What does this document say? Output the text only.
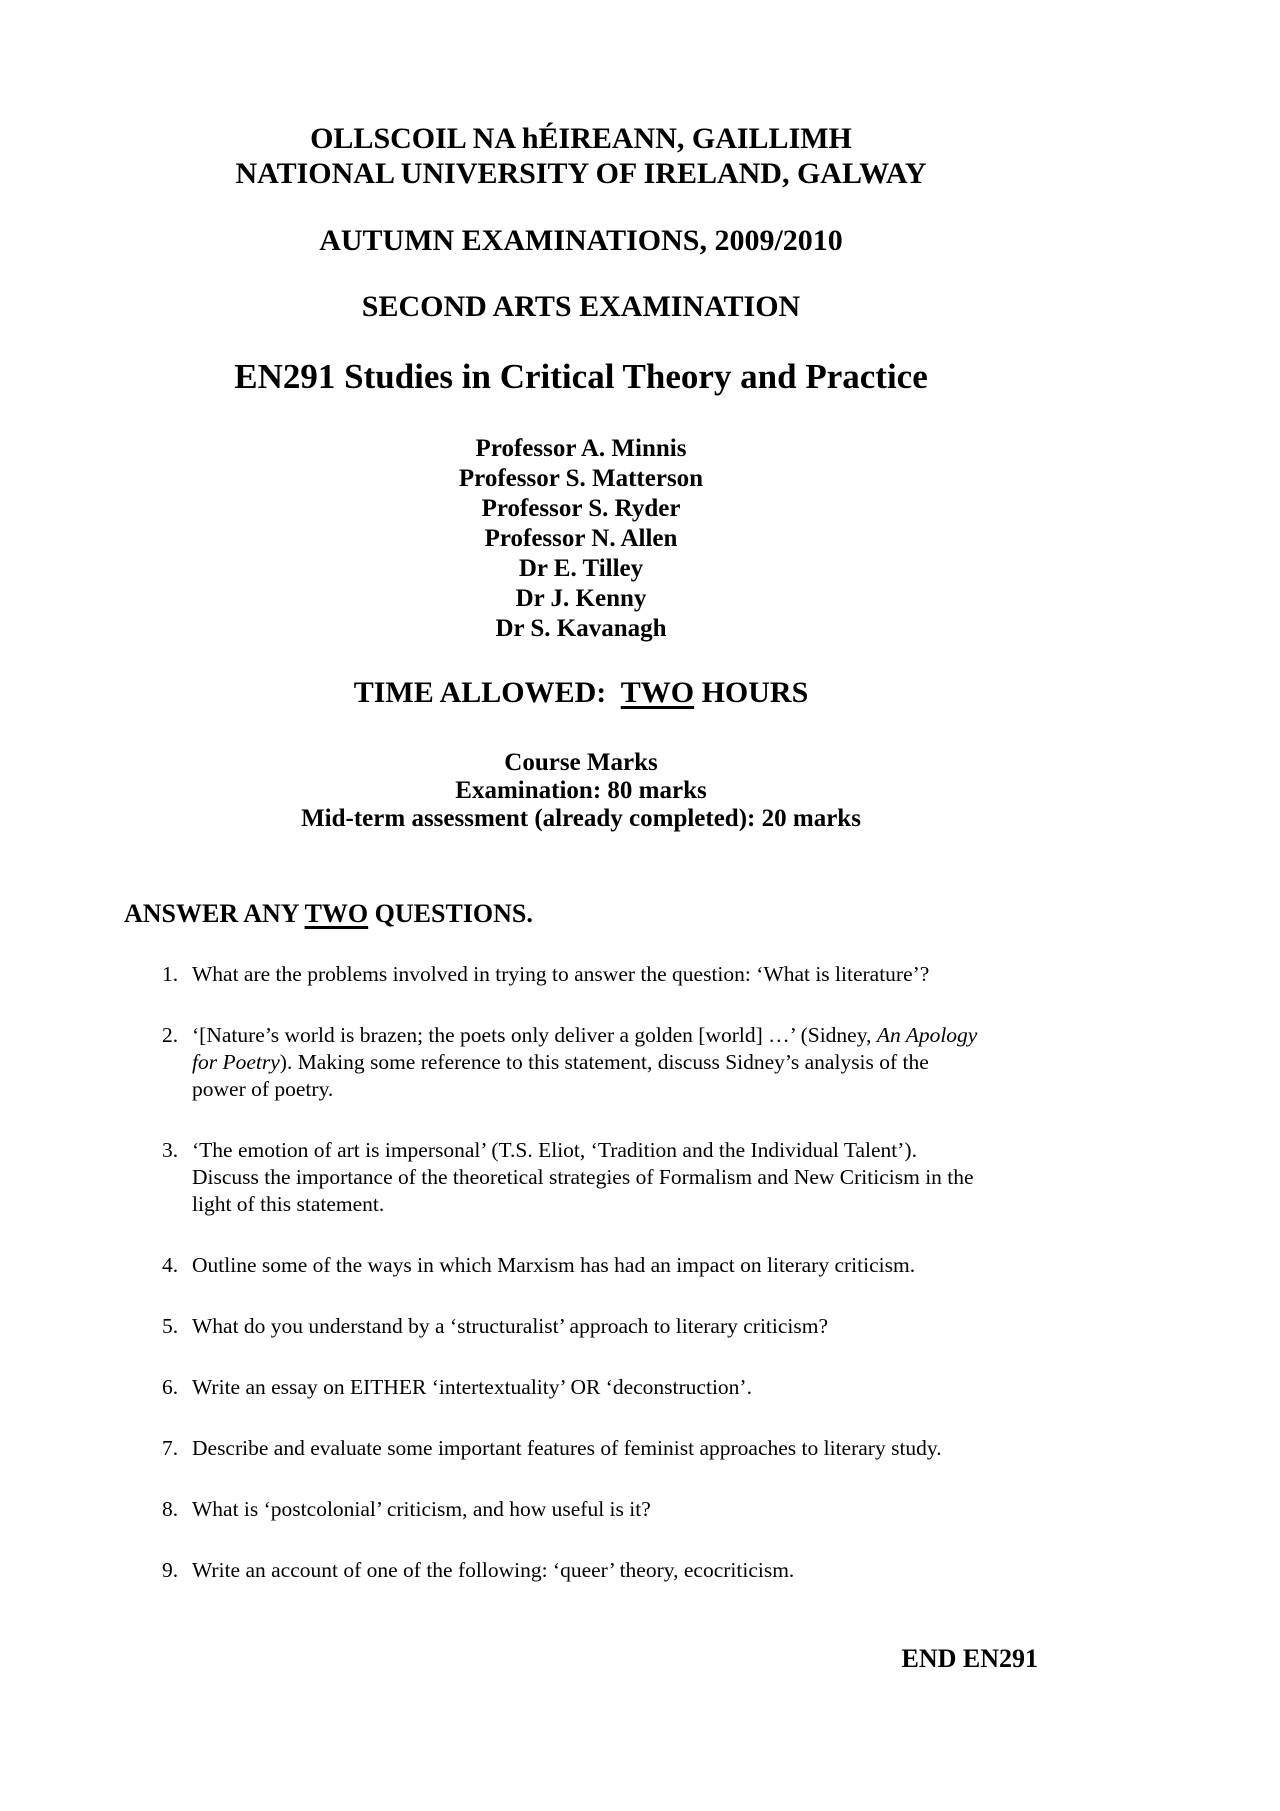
OLLSCOIL NA hÉIREANN, GAILLIMH
NATIONAL UNIVERSITY OF IRELAND, GALWAY
AUTUMN EXAMINATIONS, 2009/2010
SECOND ARTS EXAMINATION
EN291 Studies in Critical Theory and Practice
Professor A. Minnis
Professor S. Matterson
Professor S. Ryder
Professor N. Allen
Dr E. Tilley
Dr J. Kenny
Dr S. Kavanagh
TIME ALLOWED:  TWO HOURS
Course Marks
Examination: 80 marks
Mid-term assessment (already completed): 20 marks
ANSWER ANY TWO QUESTIONS.
1. What are the problems involved in trying to answer the question: ‘What is literature’?
2. ‘[Nature’s world is brazen; the poets only deliver a golden [world] …’ (Sidney, An Apology for Poetry). Making some reference to this statement, discuss Sidney’s analysis of the power of poetry.
3. ‘The emotion of art is impersonal’ (T.S. Eliot, ‘Tradition and the Individual Talent’). Discuss the importance of the theoretical strategies of Formalism and New Criticism in the light of this statement.
4. Outline some of the ways in which Marxism has had an impact on literary criticism.
5. What do you understand by a ‘structuralist’ approach to literary criticism?
6. Write an essay on EITHER ‘intertextuality’ OR ‘deconstruction’.
7. Describe and evaluate some important features of feminist approaches to literary study.
8. What is ‘postcolonial’ criticism, and how useful is it?
9. Write an account of one of the following: ‘queer’ theory, ecocriticism.
END EN291
